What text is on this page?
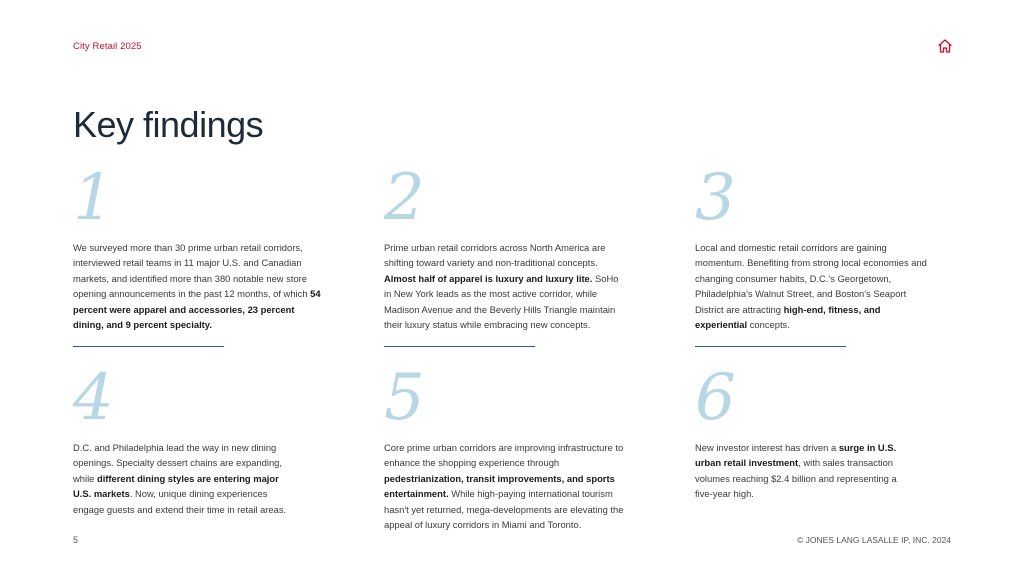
City Retail 2025
Key findings
1
We surveyed more than 30 prime urban retail corridors, interviewed retail teams in 11 major U.S. and Canadian markets, and identified more than 380 notable new store opening announcements in the past 12 months, of which 54 percent were apparel and accessories, 23 percent dining, and 9 percent specialty.
2
Prime urban retail corridors across North America are shifting toward variety and non-traditional concepts. Almost half of apparel is luxury and luxury lite. SoHo in New York leads as the most active corridor, while Madison Avenue and the Beverly Hills Triangle maintain their luxury status while embracing new concepts.
3
Local and domestic retail corridors are gaining momentum. Benefiting from strong local economies and changing consumer habits, D.C.'s Georgetown, Philadelphia's Walnut Street, and Boston's Seaport District are attracting high-end, fitness, and experiential concepts.
4
D.C. and Philadelphia lead the way in new dining openings. Specialty dessert chains are expanding, while different dining styles are entering major U.S. markets. Now, unique dining experiences engage guests and extend their time in retail areas.
5
Core prime urban corridors are improving infrastructure to enhance the shopping experience through pedestrianization, transit improvements, and sports entertainment. While high-paying international tourism hasn't yet returned, mega-developments are elevating the appeal of luxury corridors in Miami and Toronto.
6
New investor interest has driven a surge in U.S. urban retail investment, with sales transaction volumes reaching $2.4 billion and representing a five-year high.
5	© JONES LANG LASALLE IP, INC. 2024
